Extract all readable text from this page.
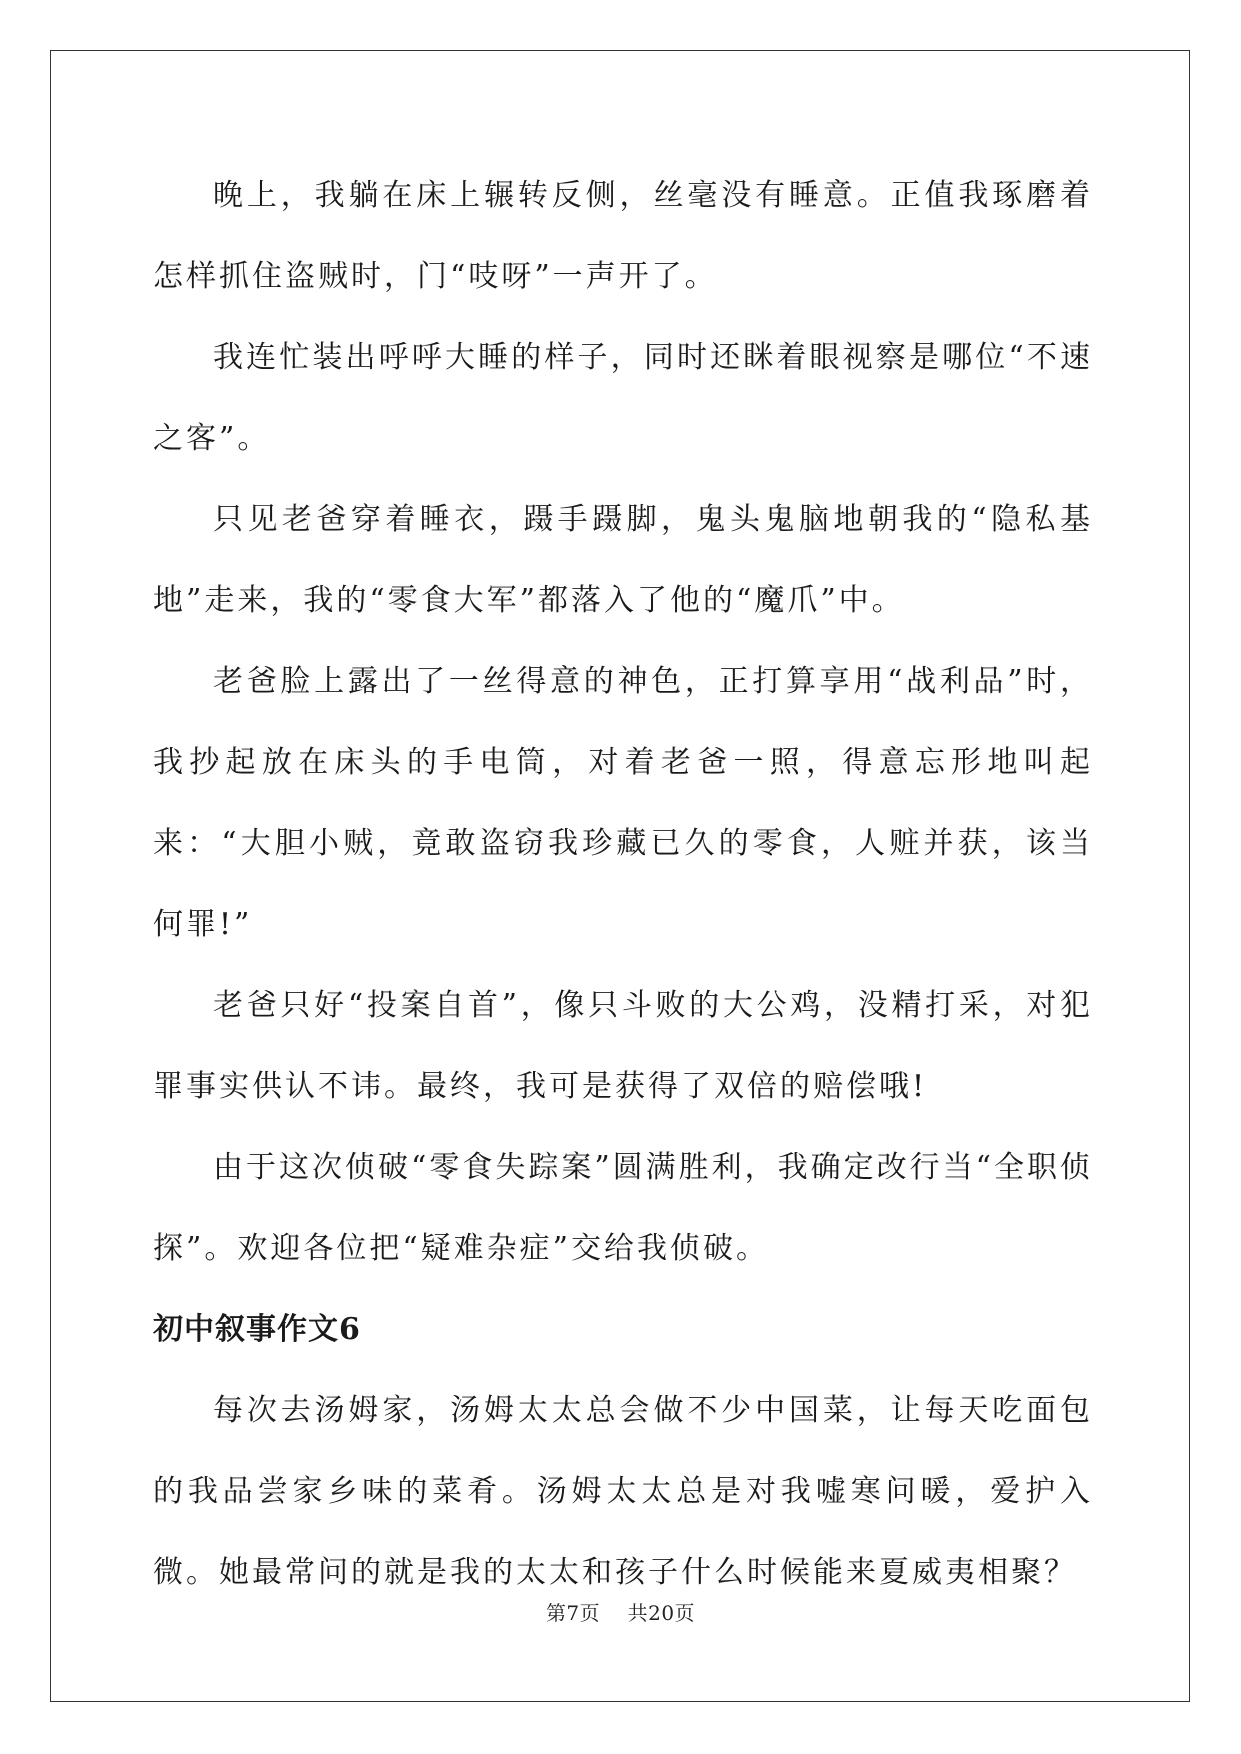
晚上，我躺在床上辗转反侧，丝毫没有睡意。正值我琢磨着怎样抓住盗贼时，门“吱呀”一声开了。

我连忙装出呼呼大睡的样子，同时还眯着眼视察是哪位“不速之客”。

只见老爸穿着睡衣，蹑手蹑脚，鬼头鬼脑地朝我的“隐私基地”走来，我的“零食大军”都落入了他的“魔爪”中。

老爸脸上露出了一丝得意的神色，正打算享用“战利品”时，我抄起放在床头的手电筒，对着老爸一照，得意忘形地叫起来：“大胆小贼，竟敢盗窃我珍藏已久的零食，人赃并获，该当何罪!”

老爸只好“投案自首”，像只斗败的大公鸡，没精打采，对犯罪事实供认不讳。最终，我可是获得了双倍的赔偿哦!

由于这次侦破“零食失踪案”圆满胜利，我确定改行当“全职侦探”。欢迎各位把“疑难杂症”交给我侦破。

初中叙事作文6

每次去汤姆家，汤姆太太总会做不少中国菜，让每天吃面包的我品尝家乡味的菜肴。汤姆太太总是对我嘘寒问暖，爱护入微。她最常问的就是我的太太和孩子什么时候能来夏威夷相聚？

第7页 共20页
